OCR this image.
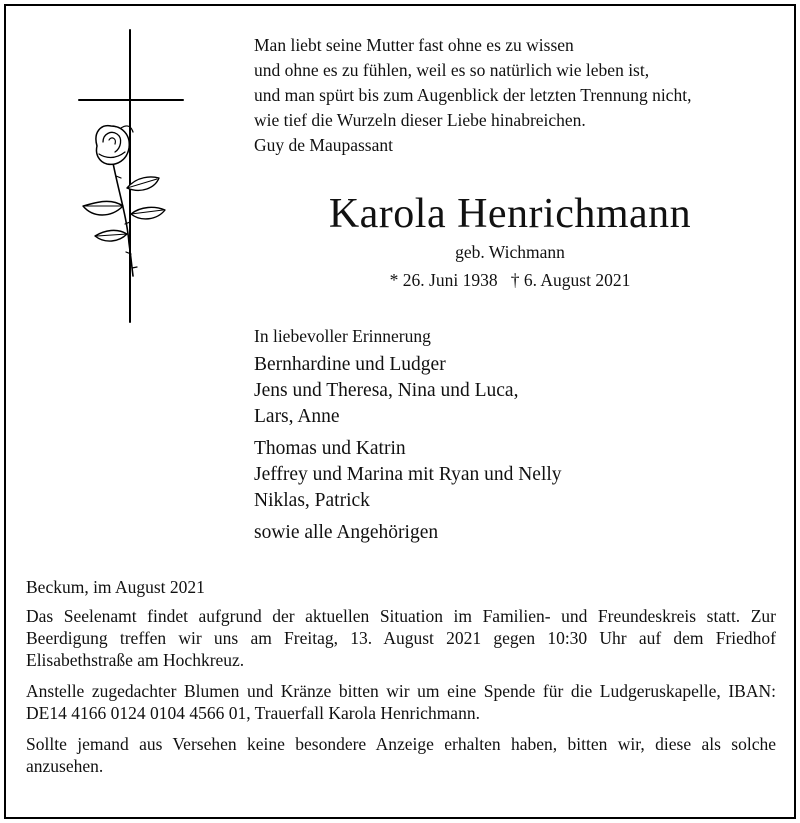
Man liebt seine Mutter fast ohne es zu wissen
und ohne es zu fühlen, weil es so natürlich wie leben ist,
und man spürt bis zum Augenblick der letzten Trennung nicht,
wie tief die Wurzeln dieser Liebe hinabreichen.
Guy de Maupassant
Karola Henrichmann
geb. Wichmann
* 26. Juni 1938   † 6. August 2021
In liebevoller Erinnerung
Bernhardine und Ludger
Jens und Theresa, Nina und Luca,
Lars, Anne
Thomas und Katrin
Jeffrey und Marina mit Ryan und Nelly
Niklas, Patrick
sowie alle Angehörigen
Beckum, im August 2021

Das Seelenamt findet aufgrund der aktuellen Situation im Familien- und Freundeskreis statt. Zur Beerdigung treffen wir uns am Freitag, 13. August 2021 gegen 10:30 Uhr auf dem Friedhof Elisabethstraße am Hochkreuz.

Anstelle zugedachter Blumen und Kränze bitten wir um eine Spende für die Ludgeruskapelle, IBAN: DE14 4166 0124 0104 4566 01, Trauerfall Karola Henrichmann.

Sollte jemand aus Versehen keine besondere Anzeige erhalten haben, bitten wir, diese als solche anzusehen.
